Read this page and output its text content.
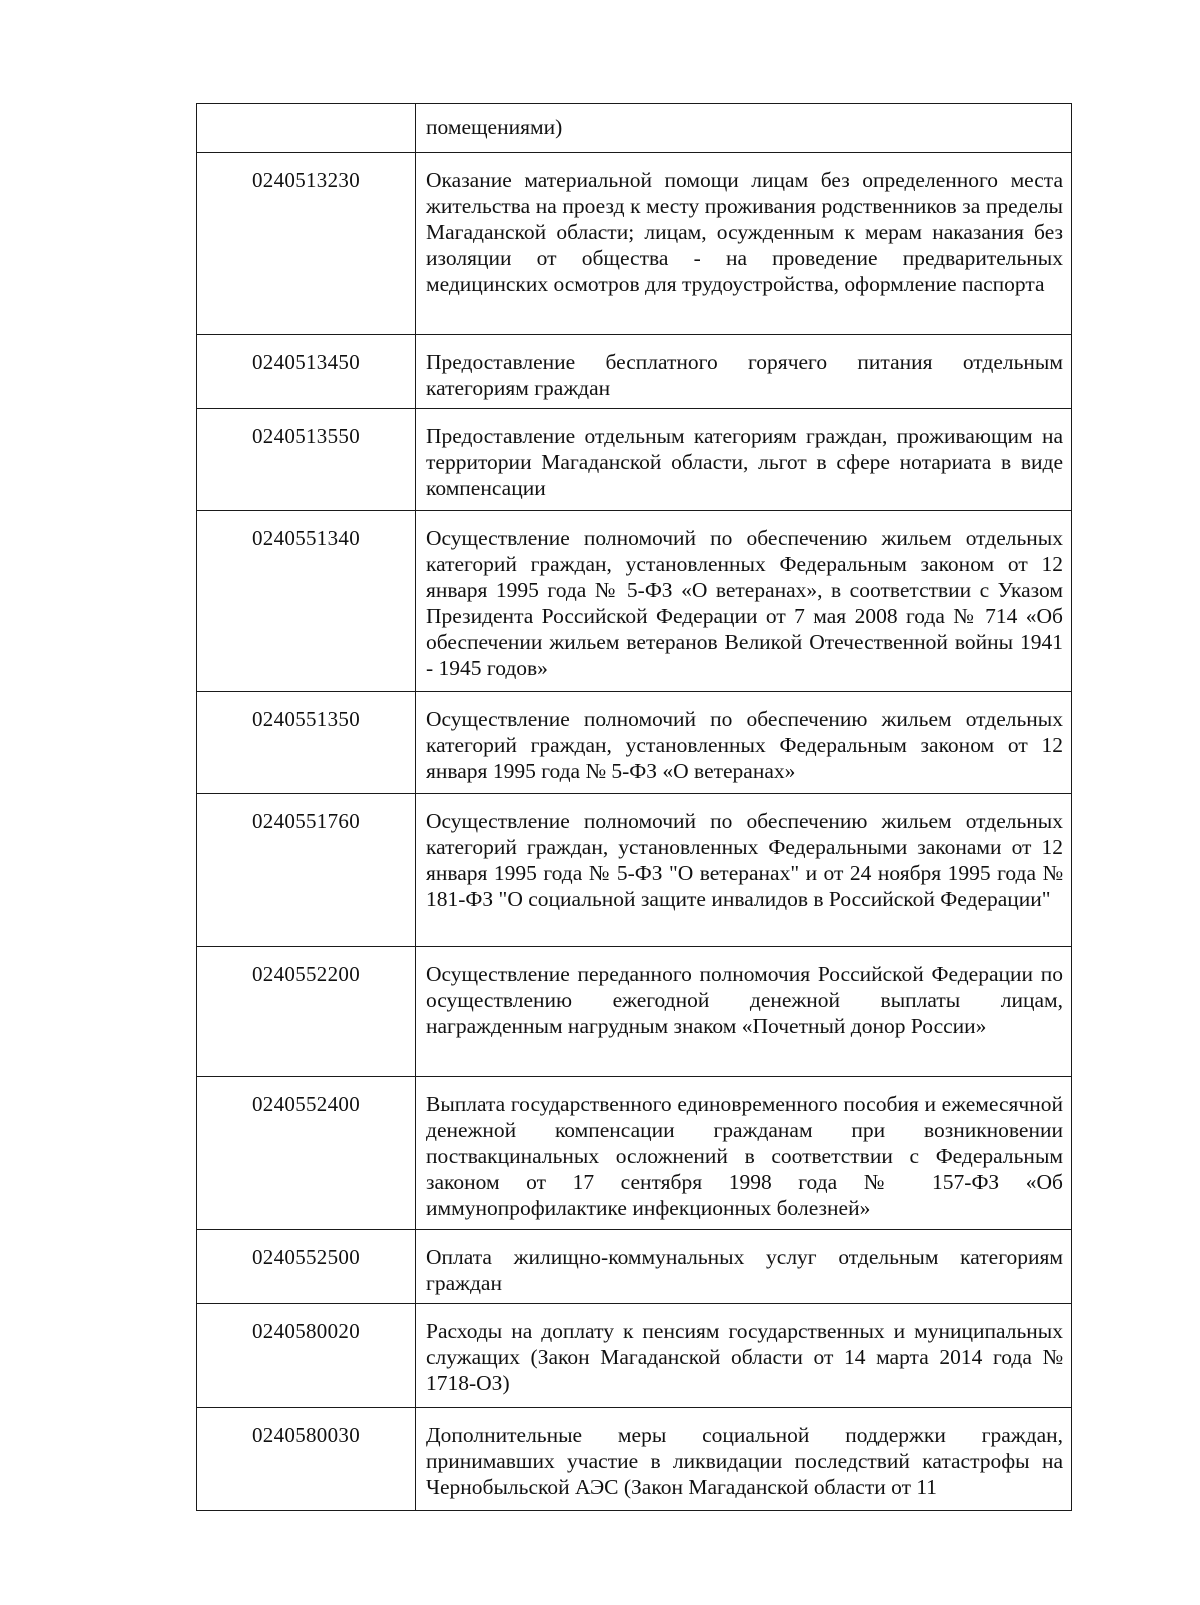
	помещениями)
0240513230	Оказание материальной помощи лицам без определенного места жительства на проезд к месту проживания родственников за пределы Магаданской области; лицам, осужденным к мерам наказания без изоляции от общества - на проведение предварительных медицинских осмотров для трудоустройства, оформление паспорта
0240513450	Предоставление бесплатного горячего питания отдельным категориям граждан
0240513550	Предоставление отдельным категориям граждан, проживающим на территории Магаданской области, льгот в сфере нотариата в виде компенсации
0240551340	Осуществление полномочий по обеспечению жильем отдельных категорий граждан, установленных Федеральным законом от 12 января 1995 года № 5-ФЗ «О ветеранах», в соответствии с Указом Президента Российской Федерации от 7 мая 2008 года № 714 «Об обеспечении жильем ветеранов Великой Отечественной войны 1941 - 1945 годов»
0240551350	Осуществление полномочий по обеспечению жильем отдельных категорий граждан, установленных Федеральным законом от 12 января 1995 года № 5-ФЗ «О ветеранах»
0240551760	Осуществление полномочий по обеспечению жильем отдельных категорий граждан, установленных Федеральными законами от 12 января 1995 года № 5-ФЗ "О ветеранах" и от 24 ноября 1995 года № 181-ФЗ "О социальной защите инвалидов в Российской Федерации"
0240552200	Осуществление переданного полномочия Российской Федерации по осуществлению ежегодной денежной выплаты лицам, награжденным нагрудным знаком «Почетный донор России»
0240552400	Выплата государственного единовременного пособия и ежемесячной денежной компенсации гражданам при возникновении поствакцинальных осложнений в соответствии с Федеральным законом от 17 сентября 1998 года № 157-ФЗ «Об иммунопрофилактике инфекционных болезней»
0240552500	Оплата жилищно-коммунальных услуг отдельным категориям граждан
0240580020	Расходы на доплату к пенсиям государственных и муниципальных служащих (Закон Магаданской области от 14 марта 2014 года № 1718-ОЗ)
0240580030	Дополнительные меры социальной поддержки граждан, принимавших участие в ликвидации последствий катастрофы на Чернобыльской АЭС (Закон Магаданской области от 11
